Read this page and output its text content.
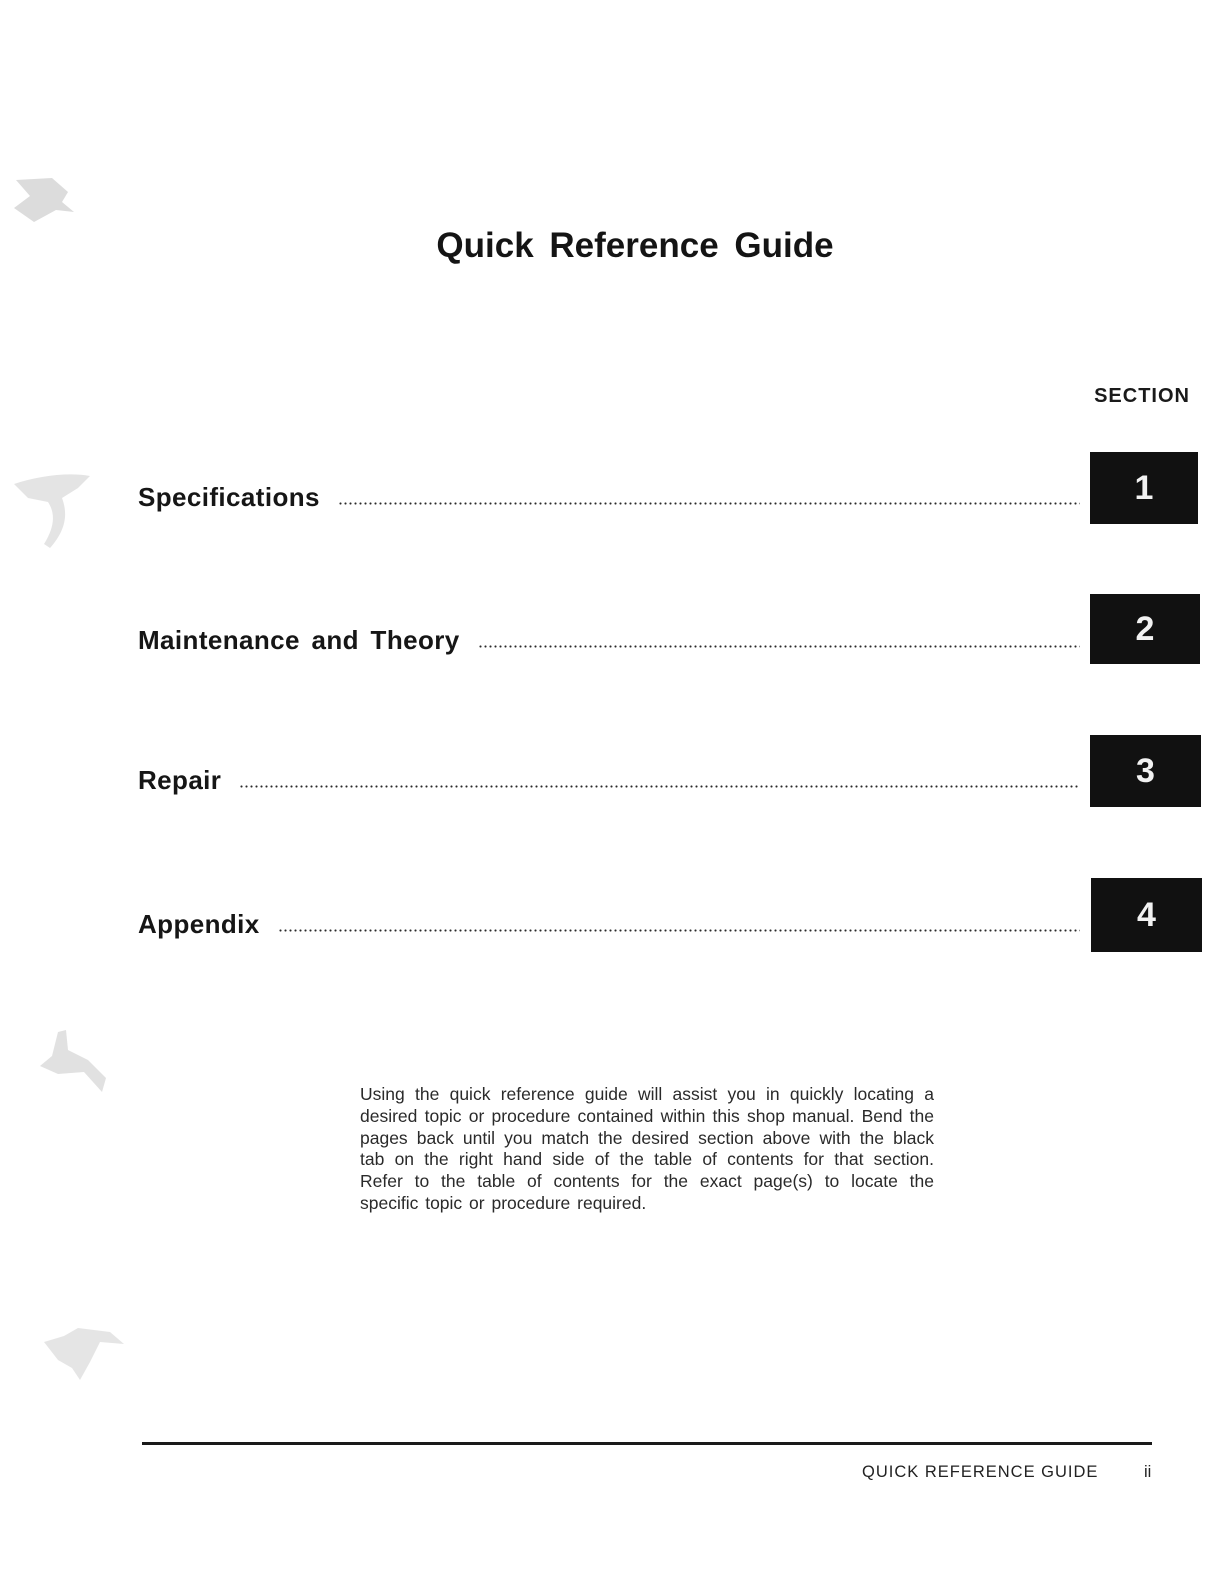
Quick Reference Guide
SECTION
Specifications	1
Maintenance and Theory	2
Repair	3
Appendix	4
Using the quick reference guide will assist you in quickly locating a desired topic or procedure contained within this shop manual. Bend the pages back until you match the desired section above with the black tab on the right hand side of the table of contents for that section. Refer to the table of contents for the exact page(s) to locate the specific topic or procedure required.
QUICK REFERENCE GUIDE	ii
